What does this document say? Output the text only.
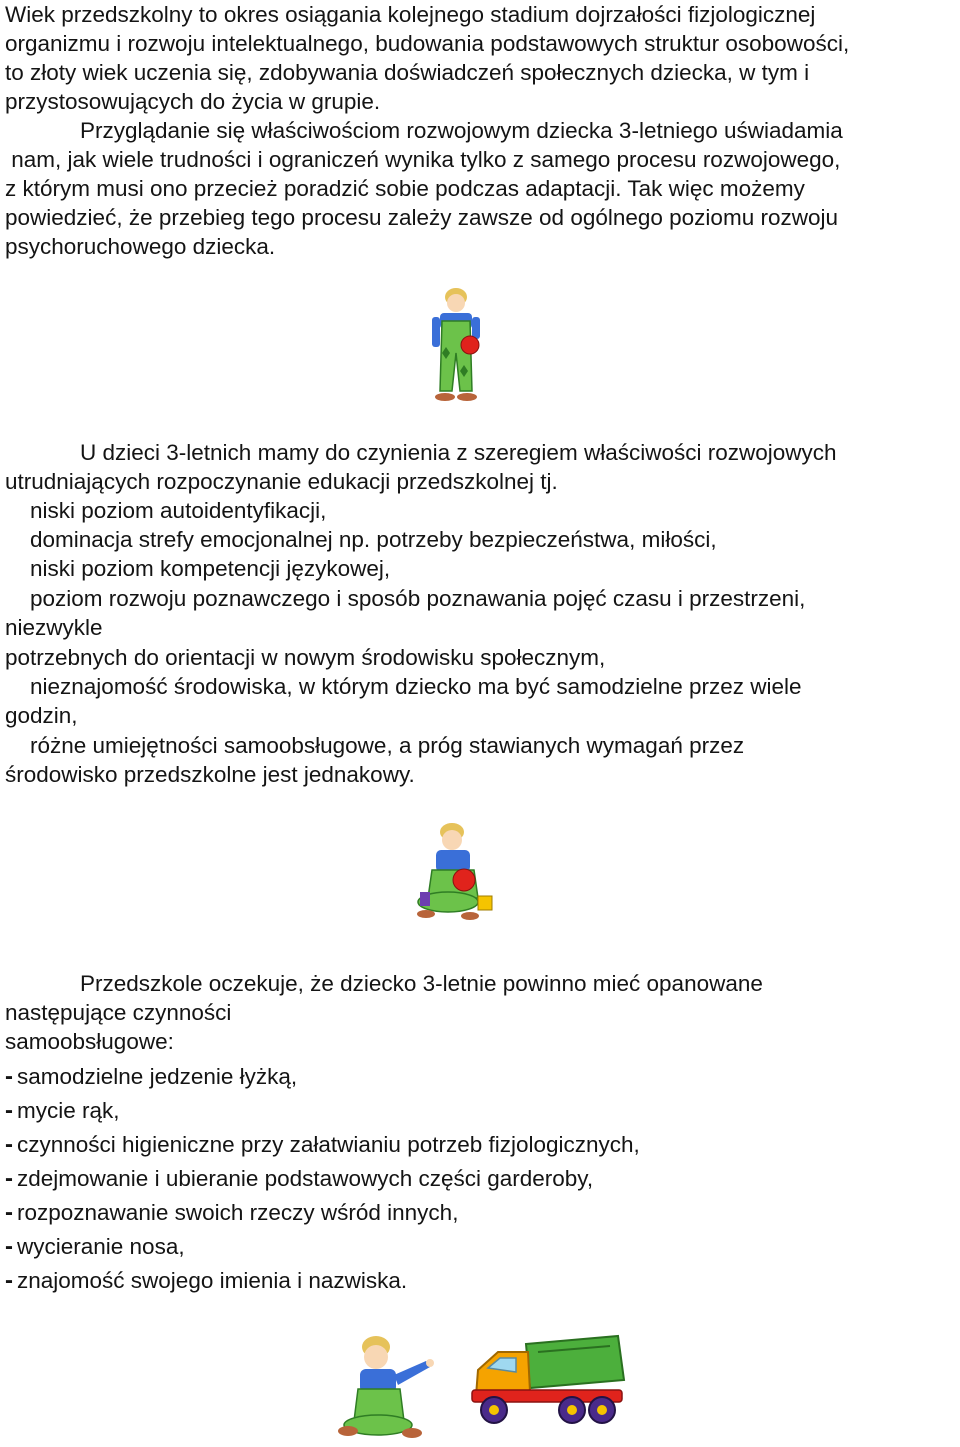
Wiek przedszkolny to okres osiągania kolejnego stadium dojrzałości fizjologicznej
organizmu i rozwoju intelektualnego, budowania podstawowych struktur osobowości,
to złoty wiek uczenia się, zdobywania doświadczeń społecznych dziecka, w tym i
przystosowujących do życia w grupie.
Przyglądanie się właściwościom rozwojowym dziecka 3-letniego uświadamia
nam, jak wiele trudności i ograniczeń wynika tylko z samego procesu rozwojowego,
z którym musi ono przecież poradzić sobie podczas adaptacji. Tak więc możemy
powiedzieć, że przebieg tego procesu zależy zawsze od ogólnego poziomu rozwoju
psychoruchowego dziecka.
U dzieci 3-letnich mamy do czynienia z szeregiem właściwości rozwojowych
utrudniających rozpoczynanie edukacji przedszkolnej tj.
niski poziom autoidentyfikacji,
dominacja strefy emocjonalnej np. potrzeby bezpieczeństwa, miłości,
niski poziom kompetencji językowej,
poziom rozwoju poznawczego i sposób poznawania pojęć czasu i przestrzeni,
niezwykle
potrzebnych do orientacji w nowym środowisku społecznym,
nieznajomość środowiska, w którym dziecko ma być samodzielne przez wiele
godzin,
różne umiejętności samoobsługowe, a próg stawianych wymagań przez
środowisko przedszkolne jest jednakowy.
Przedszkole oczekuje, że dziecko 3-letnie powinno mieć opanowane
następujące czynności
samoobsługowe:
- samodzielne jedzenie łyżką,
- mycie rąk,
- czynności higieniczne przy załatwianiu potrzeb fizjologicznych,
- zdejmowanie i ubieranie podstawowych części garderoby,
- rozpoznawanie swoich rzeczy wśród innych,
- wycieranie nosa,
- znajomość swojego imienia i nazwiska.
